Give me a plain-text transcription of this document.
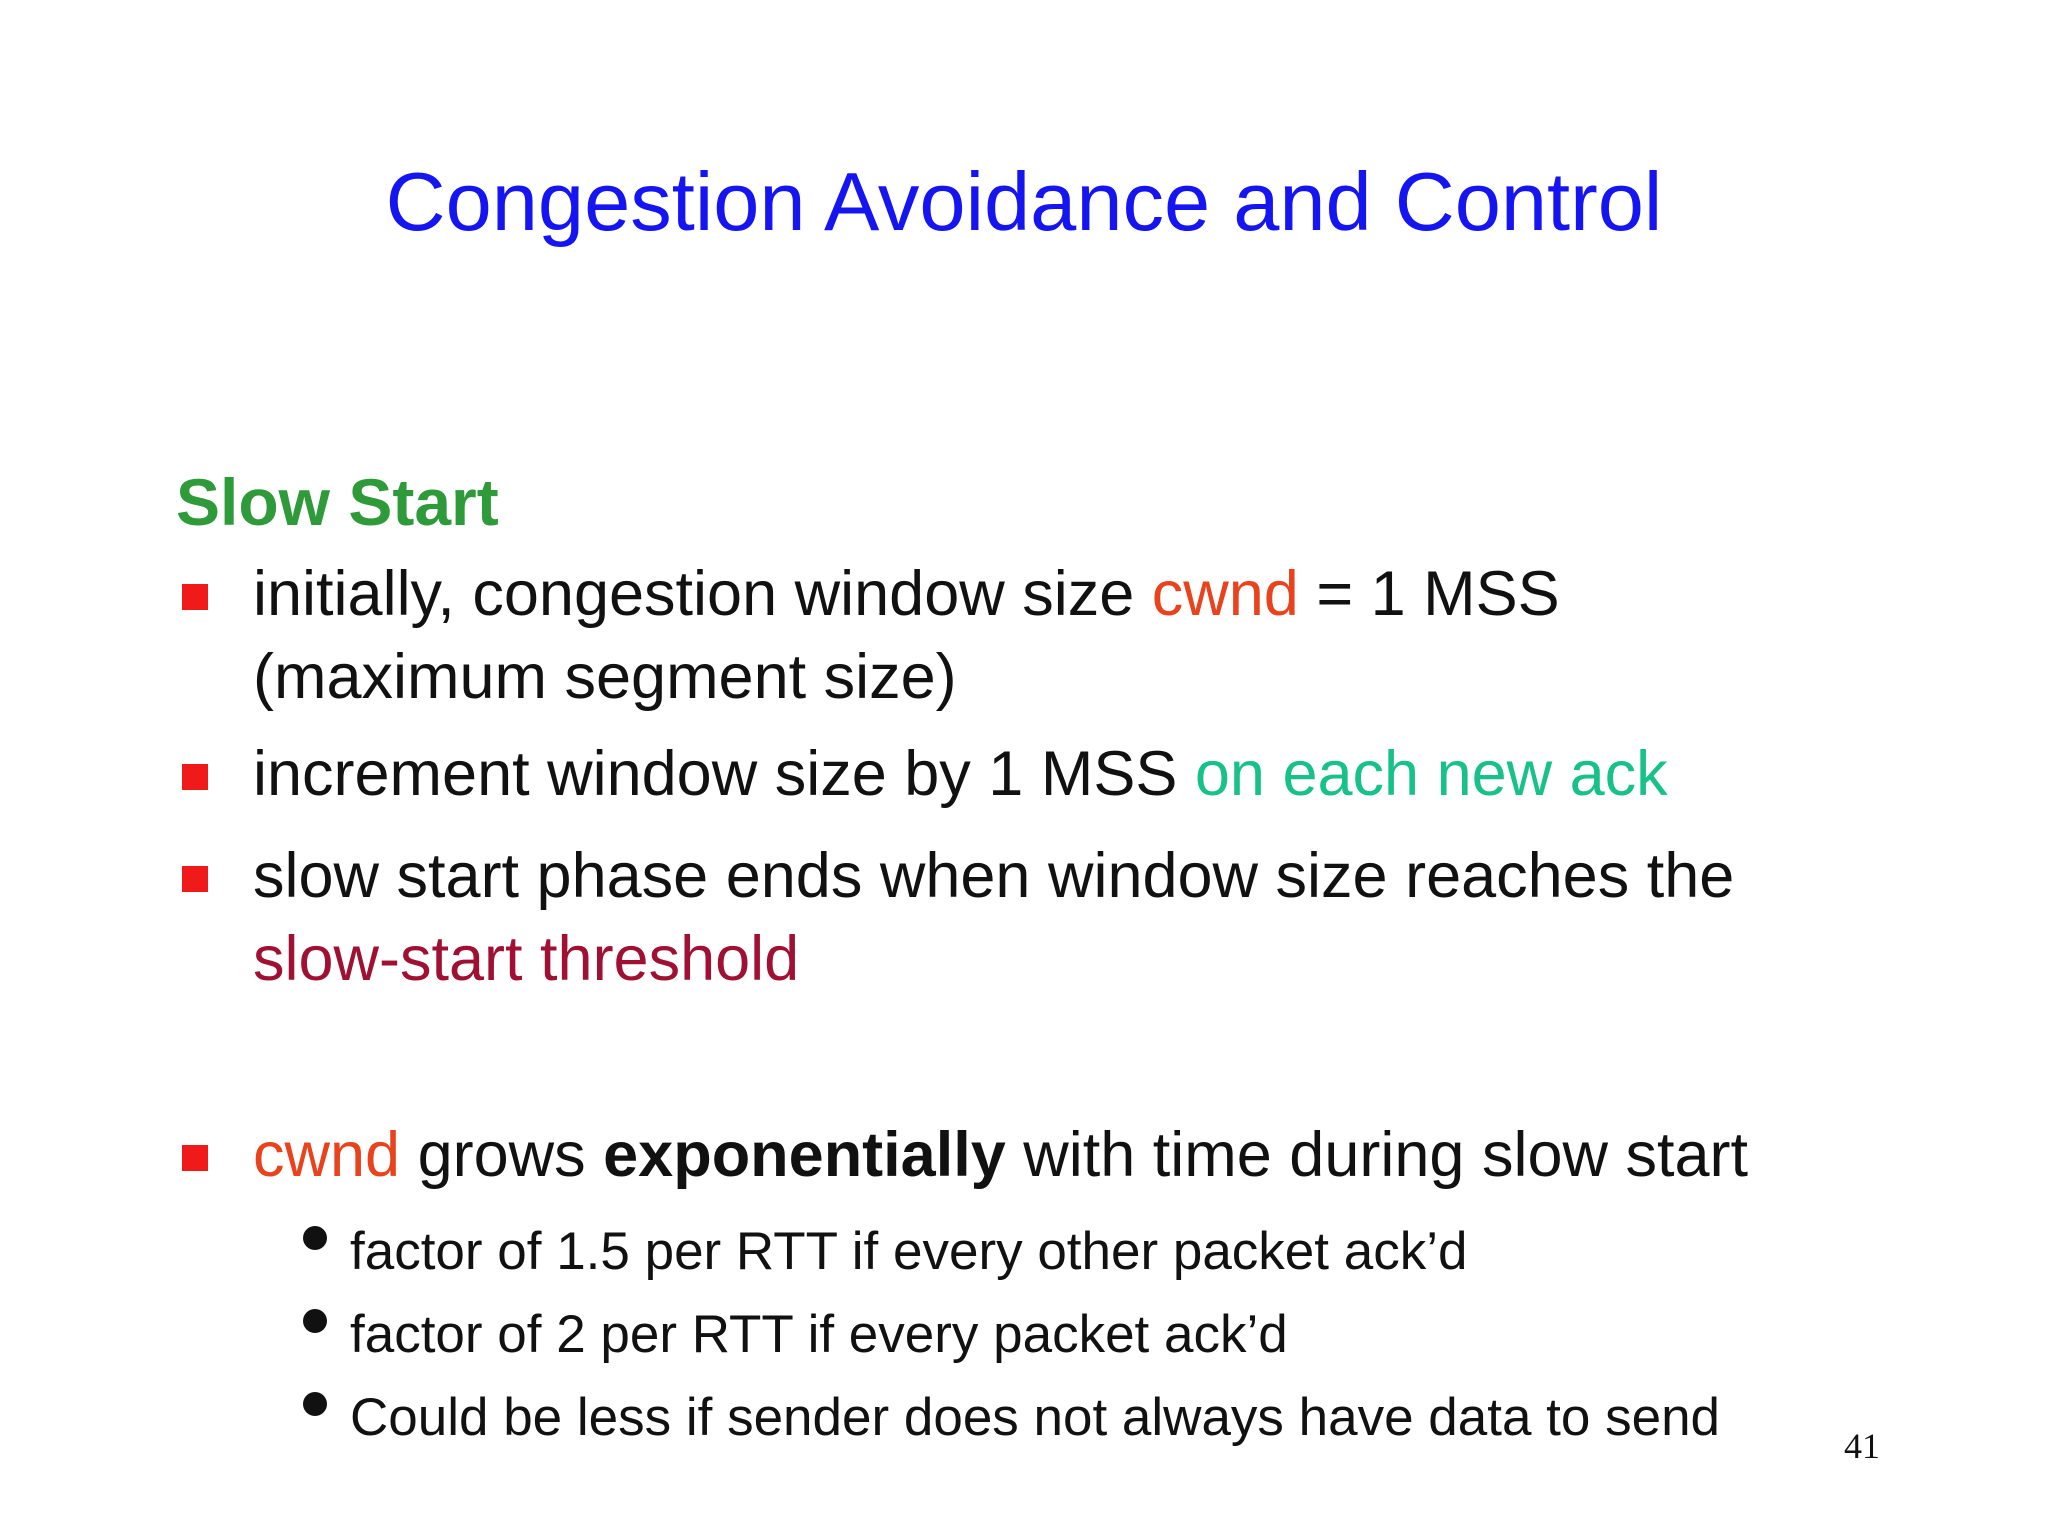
Congestion Avoidance and Control
Slow Start
initially, congestion window size cwnd = 1 MSS
(maximum segment size)
increment window size by 1 MSS on each new ack
slow start phase ends when window size reaches the
slow-start threshold
cwnd grows exponentially with time during slow start
factor of 1.5 per RTT if every other packet ack’d
factor of 2 per RTT if every packet ack’d
Could be less if sender does not always have data to send	41
